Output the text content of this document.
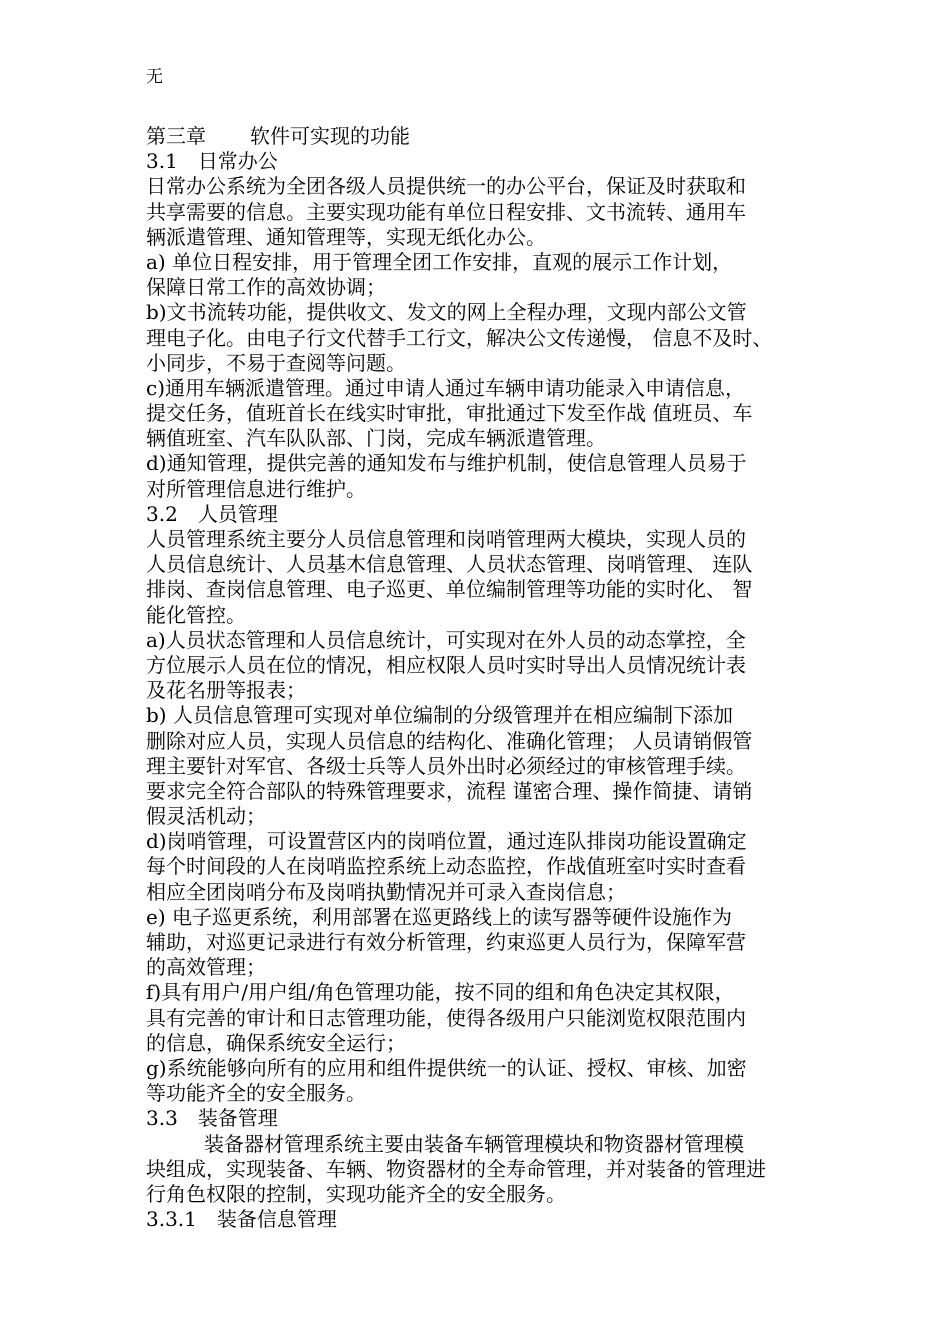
无
第三章 软件可实现的功能
3.1 日常办公
日常办公系统为全团各级人员提供统一的办公平台，保证及时获取和
共享需要的信息。主要实现功能有单位日程安排、文书流转、通用车
辆派遣管理、通知管理等，实现无纸化办公。
a) 单位日程安排，用于管理全团工作安排，直观的展示工作计划，
保障日常工作的高效协调；
b)文书流转功能，提供收文、发文的网上全程办理，文现内部公文管
理电子化。由电子行文代替手工行文，解决公文传递慢， 信息不及时、
小同步，不易于查阅等问题。
c)通用车辆派遣管理。通过申请人通过车辆申请功能录入申请信息，
提交任务，值班首长在线实时审批，审批通过下发至作战 值班员、车
辆值班室、汽车队队部、门岗，完成车辆派遣管理。
d)通知管理，提供完善的通知发布与维护机制，使信息管理人员易于
对所管理信息进行维护。
3.2 人员管理
人员管理系统主要分人员信息管理和岗哨管理两大模块，实现人员的
人员信息统计、人员基木信息管理、人员状态管理、岗哨管理、 连队
排岗、查岗信息管理、电子巡更、单位编制管理等功能的实时化、 智
能化管控。
a)人员状态管理和人员信息统计，可实现对在外人员的动态掌控，全
方位展示人员在位的情况，相应权限人员吋实时导出人员情况统计表
及花名册等报表；
b) 人员信息管理可实现对单位编制的分级管理并在相应编制下添加
删除对应人员，实现人员信息的结构化、准确化管理； 人员请销假管
理主要针对军官、各级士兵等人员外出时必须经过的审核管理手续。
要求完全符合部队的特殊管理要求，流程 谨密合理、操作简捷、请销
假灵活机动；
d)岗哨管理，可设置营区内的岗哨位置，通过连队排岗功能设置确定
每个时间段的人在岗哨监控系统上动态监控，作战值班室吋实时查看
相应全团岗哨分布及岗哨执勤情况并可录入查岗信息；
e) 电子巡更系统，利用部署在巡更路线上的读写器等硬件设施作为
辅助，对巡更记录进行有效分析管理，约束巡更人员行为，保障军营
的高效管理；
f)具有用户/用户组/角色管理功能，按不同的组和角色决定其权限，
具有完善的审计和日志管理功能，使得各级用户只能浏览权限范围内
的信息，确保系统安全运行；
g)系统能够向所有的应用和组件提供统一的认证、授权、审核、加密
等功能齐全的安全服务。
3.3 装备管理
装备器材管理系统主要由装备车辆管理模块和物资器材管理模
块组成，实现装备、车辆、物资器材的全寿命管理，并对装备的管理进
行角色权限的控制，实现功能齐全的安全服务。
3.3.1 装备信息管理
